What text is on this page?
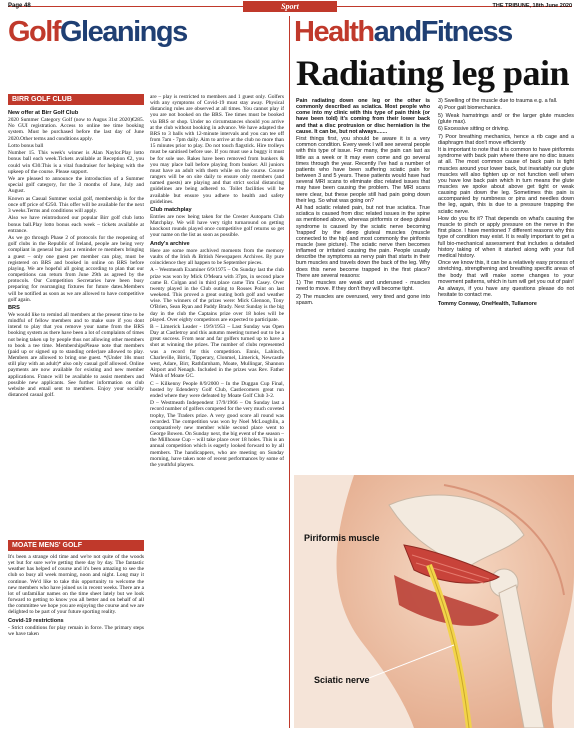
Page 48	Sport	THE TRIBUNE, 18th June 2020
GolfGleanings	HealthandFitness
BIRR GOLF CLUB
New offer at Birr Golf Club

2020 Summer Category Golf (now to Augus 31st 2020)€285. No GUI registration. Access to online tee time booking system. Must be purchased before the last day of June 2020.Other terms and conditions apply.

Lotto bonus ball

Number 15. This week's winner is Alan Naylor.Play lotto bonus ball each week.Tickets available at Reception €2, you could win €30.This is a vital fundraiser for helping with the upkeep of the course. Please support.

We are pleased to announce the introduction of a Summer special golf category, for the 3 months of June, July and August.

Known as Casual Summer social golf, membership is for the once off price of €250. This offer will be available for the next 3 weeks.Terms and conditions will apply.

Also we have reintroduced our popular Birr golf club lotto bonus ball.Play lotto bonus each week – tickets available at entrance.

As we go through Phase 2 of protocols for the reopening of golf clubs in the Republic of Ireland, people are being very compliant in general but just a reminder re members bringing a guest – only one guest per member can play, must be registered on BRS and booked in online on BRS before playing. We are hopeful all going according to plan that our competitions can return from June 29th as agreed by the protocols. Our Competition Secretaries have been busy preparing for rearranging fixtures for future dates.Members will be notified as soon as we are allowed to have competitive golf again.

BRS

We would like to remind all members at the present time to be mindful of fellow members and to make sure if you dont intend to play that you remove your name from the BRS booking system as there have been a lot of complaints of times not being taken up by people thus not allowing other members to book a tee time. MembershipsPlease note that members (paid up or signed up to standing order)are allowed to play. Members are allowed to bring one guest. *(Under 18s must still play with an adult)* also only casual golf allowed. Online payments are now available for existing and new member applications. France will be available to assist members and possible new applicants. See further information on club website and email sent to members. Enjoy your socially distanced casual golf.

MOATE MENS' GOLF

It's been a strange old time and we're not quite of the woods yet but for sure we're getting there day by day. The fantastic weather has helped of course and it's been amazing to see the club so busy all week morning, noon and night. Long may it continue. We'd like to take this opportunity to welcome the new members who have joined us in recent weeks. There are a lot of unfamiliar names on the time sheet lately but we look forward to getting to know you all better and on behalf of all the committee we hope you are enjoying the course and we are delighted to be part of your future sporting reality.

Covid-19 restrictions

- Strict conditions for play remain in force. The primary steps we have taken

are – play is restricted to members and 1 guest only. Golfers with any symptoms of Covid-19 must stay away. Physical distancing rules are observed at all times. You cannot play if you are not booked on the BRS. Tee times must be booked via BRS or shop. Under no circumstances should you arrive at the club without booking in advance. We have adapted the BRS to 3 balls with 12-minute intervals and you can tee off from 7am - 7pm daily. Aim to arrive at the club no more than 15 minutes prior to play. Do not touch flagstick. Hire trolleys must be sanitised before use. If you must use a buggy it must be for sole use. Rakes have been removed from bunkers & you may place ball before playing from bunker. All juniors must have an adult with them while on the course. Course rangers will be on site daily to ensure only members (and named guests) are playing and that strict social distancing guidelines are being adhered to. Toilet facilities will be available but ensure you adhere to health and safety guidelines.

Club matchplay

Entries are now being taken for the Crester Autoparts Club Matchplay. We will have very tight turnaround on getting knockout rounds played once competitive golf returns so get your name on the list as soon as possible.

Andy's archive

Here are some more archived moments from the memory vaults of the Irish & British Newspapers Archives. By pure coincidence they all happen to be September pieces.

A – Westmeath Examiner 6/9/1975 – On Sunday last the club prize was won by Mick O'Meara with 37pts, in second place came B. Colgan and in third place came Tim Casey. Over twenty played in the Club outing to Rosses Point on last weekend. This proved a great outing both golf and weather wise. The winners of the prizes were: Mick Glennon, Tony O'Brien, Sean Ryan and Paddy Brady. Next Sunday is the big day in the club the Captains prize over 18 holes will be played. Over eighty competitors are expected to participate.

B – Limerick Leader - 19/9/1953 – Last Sunday was Open Day at Castletroy and this autumn meeting turned out to be a great success. From near and far golfers turned up to have a shot at winning the prizes. The number of clubs represented was a record for this competition. Ennis, Lahinch, Charleville, Birris, Tipperary, Clonmel, Limerick, Newcastle west, Adare, Birr, Rathfarnham, Moate, Mullingar, Shannon Airport and Nenagh. Included in the prizes was Rev. Father Walsh of Moate GC.

C – Kilkenny People 8/9/2000 – In the Duggan Cup Final, hosted by Edenderry Golf Club, Castlecomers great run ended where they were defeated by Moate Golf Club 3-2.

D – Westmeath Independent 17/9/1966 – On Sunday last a record number of golfers competed for the very much coveted trophy, The Traders prize. A very good score all round was recorded. The competition was won by Noel McLoughlin, a comparatively new member while second place went to George Bowen. On Sunday next, the big event of the season – the Millhouse Cup – will take place over 18 holes. This is an annual competition which is eagerly looked forward to by all members. The handicappers, who are meeting on Sunday morning, have taken note of recent performances by some of the youthful players.

Radiating leg pain

Pain radiating down one leg or the other is commonly described as sciatica. Most people who come into my clinic with this type of pain think (or have been told) it's coming from their lower back and that a disc protrusion or disc herniation is the cause. It can be, but not always.......

First things first, you should be aware it is a very common condition. Every week I will see several people with this type of issue. For many, the pain can last as little as a week or It may even come and go several times through the year. Recently I've had a number of patients who have been suffering sciatic pain for between 3 and 5 years. These patients would have had several MRI scans to eliminate disc related issues that may have been causing the problem. The MRI scans were clear, but these people still had pain going down their leg. So what was going on?

All had sciatic related pain, but not true sciatica. True sciatica is caused from disc related issues in the spine as mentioned above, whereas piriformis or deep gluteal syndrome is caused by the sciatic nerve becoming 'trapped' by the deep gluteal muscles (muscle connected to the hip) and most commonly the pirifomis muscle (see picture). The sciatic nerve then becomes inflamed or irritated causing the pain. People usually describe the symptoms as nervy pain that starts in their bum muscles and travels down the back of the leg. Why does this nerve become trapped in the first place? There are several reasons:

1) The muscles are weak and underused - muscles need to move. If they don't they will become tight.

2) The muscles are overused, very tired and gone into spasm.

3) Swelling of the muscle due to trauma e.g. a fall.

4) Poor gait biomechanics.

5) Weak hamstrings and/ or the larger glute muscles (glute max).

6) Excessive sitting or driving.

7) Poor breathing mechanics, hence a rib cage and a diaphragm that don't move efficiently

It is important to note that it is common to have piriformis syndrome with back pain where there are no disc issues at all. The most common cause of back pain is tight muscles around your lower back, but invariably our glute muscles will also tighten up or not function well when you have low back pain which in turn means the glute muscles we spoke about above get tight or weak causing pain down the leg. Sometimes this pain is accompanied by numbness or pins and needles down the leg, again, this is due to a pressure trapping the sciatic nerve.

How do you fix it? That depends on what's causing the muscle to pinch or apply pressure on the nerve in the first place. I have mentioned 7 different reasons why this type of condition may exist. It is really important to get a full bio-mechanical assessment that includes a detailed history taking of when it started along with your full medical history.

Once we know this, it can be a relatively easy process of stretching, strengthening and breathing specific areas of the body that will make some changes to your movement patterns, which in turn will get you out of pain!

As always, if you have any questions please do not hesitate to contact me.

Tommy Conway, OneHealth, Tullamore

Piriformis muscle
Sciatic nerve
